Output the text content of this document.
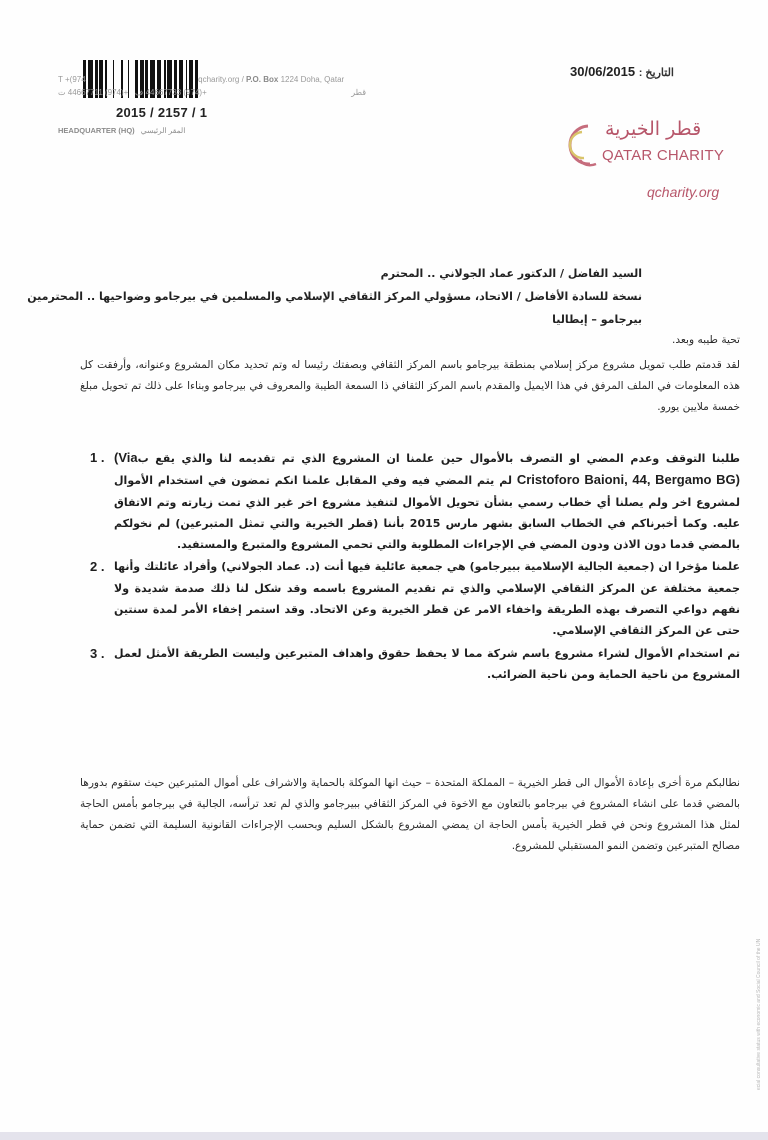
T +(974	qcharity.org / P.O. Box 1224 Doha, Qatar
قطر  +(974) 44667733 ف   +(974) 44667711 ت
2015 / 2157 / 1
HEADQUARTER (HQ) المقر الرئيسي
التاريخ : 30/06/2015
قطر الخيرية
QATAR CHARITY
qcharity.org
السيد الفاضل / الدكتور عماد الجولاني .. المحترم
نسخة للسادة الأفاضل / الاتحاد، مسؤولي المركز الثقافي الإسلامي والمسلمين في بيرجامو وضواحيها .. المحترمين
بيرجامو – إيطاليا
تحية طيبه وبعد.
لقد قدمتم طلب تمويل مشروع مركز إسلامي بمنطقة بيرجامو باسم المركز الثقافي وبصفتك رئيسا له وتم تحديد مكان المشروع وعنوانه، وأرفقت كل هذه المعلومات في الملف المرفق في هذا الايميل والمقدم باسم المركز الثقافي ذا السمعة الطيبة والمعروف في بيرجامو وبناءا على ذلك تم تحويل مبلغ خمسة ملايين يورو.
1 .	طلبنا التوقف وعدم المضي او التصرف بالأموال حين علمنا ان المشروع الذي تم تقديمه لنا والذي يقع ب(Via Cristoforo Baioni, 44, Bergamo BG) لم يتم المضي فيه وفي المقابل علمنا انكم تمضون في استخدام الأموال لمشروع اخر ولم يصلنا أي خطاب رسمي بشأن تحويل الأموال لتنفيذ مشروع اخر غير الذي تمت زيارته وتم الاتفاق عليه. وكما أخبرناكم في الخطاب السابق بشهر مارس 2015 بأننا (قطر الخيرية والتي تمثل المتبرعين) لم نخولكم بالمضي قدما دون الاذن ودون المضي في الإجراءات المطلوبة والتي تحمي المشروع والمتبرع والمستفيد.
2 . علمنا مؤخرا ان (جمعية الجالية الإسلامية ببيرجامو) هي جمعية عائلية فيها أنت (د. عماد الجولاني) وأفراد عائلتك وأنها جمعية مختلفة عن المركز الثقافي الإسلامي والذي تم تقديم المشروع باسمه وقد شكل لنا ذلك صدمة شديدة ولا نفهم دواعي التصرف بهذه الطريقة واخفاء الامر عن قطر الخيرية وعن الاتحاد. وقد استمر إخفاء الأمر لمدة سنتين حتى عن المركز الثقافي الإسلامي.
3 . تم استخدام الأموال لشراء مشروع باسم شركة مما لا يحفظ حقوق واهداف المتبرعين وليست الطريقة الأمثل لعمل المشروع من ناحية الحماية ومن ناحية الضرائب.
نطالبكم مرة أخرى بإعادة الأموال الى قطر الخيرية – المملكة المتحدة – حيث انها الموكلة بالحماية والاشراف على أموال المتبرعين حيث ستقوم بدورها بالمضي قدما على انشاء المشروع في بيرجامو بالتعاون مع الاخوة في المركز الثقافي ببيرجامو والذي لم تعد ترأسه، الجالية في بيرجامو بأمس الحاجة لمثل هذا المشروع ونحن في قطر الخيرية بأمس الحاجة ان يمضي المشروع بالشكل السليم وبحسب الإجراءات القانونية السليمة التي تضمن حماية مصالح المتبرعين وتضمن النمو المستقبلي للمشروع.
ecial consultative status with economic and Social Council of the UN
